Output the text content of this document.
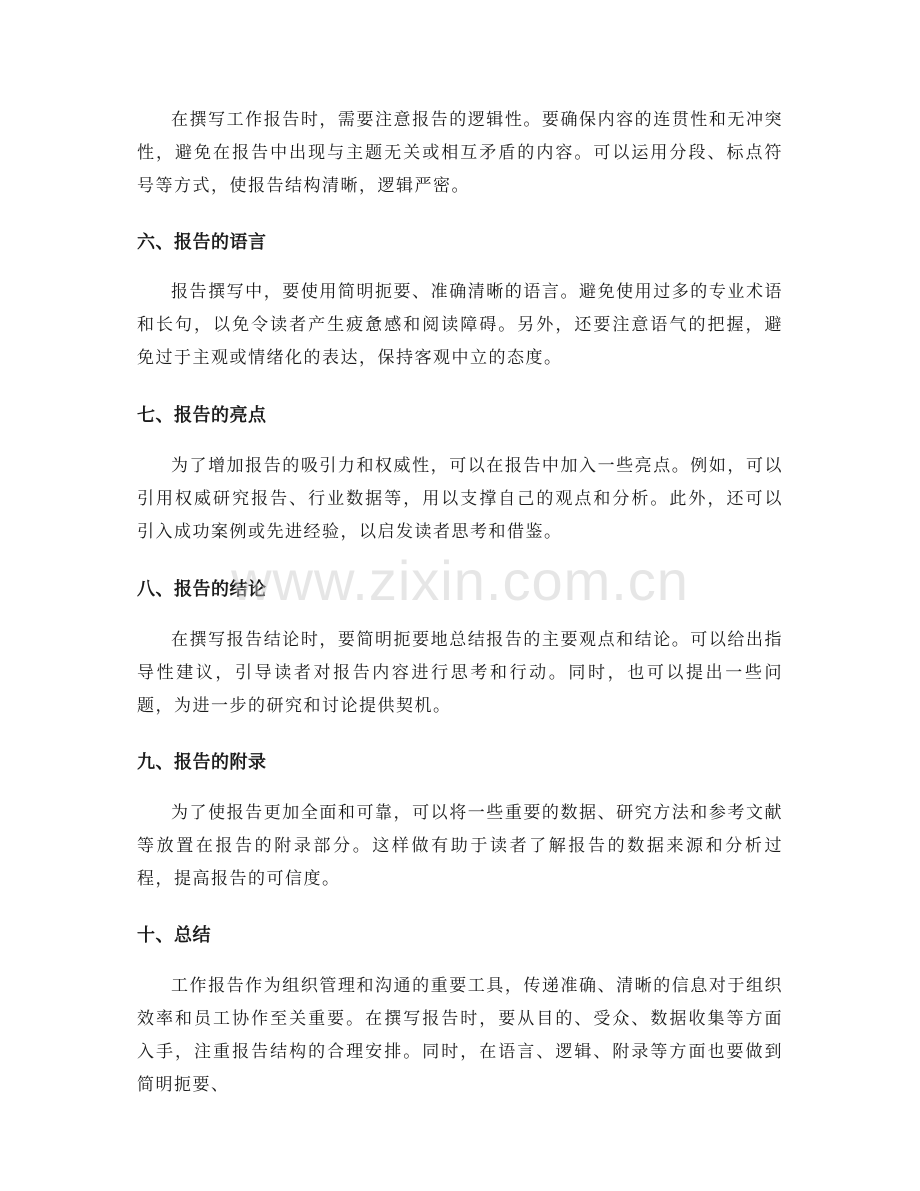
在撰写工作报告时，需要注意报告的逻辑性。要确保内容的连贯性和无冲突性，避免在报告中出现与主题无关或相互矛盾的内容。可以运用分段、标点符号等方式，使报告结构清晰，逻辑严密。

六、报告的语言

报告撰写中，要使用简明扼要、准确清晰的语言。避免使用过多的专业术语和长句，以免令读者产生疲惫感和阅读障碍。另外，还要注意语气的把握，避免过于主观或情绪化的表达，保持客观中立的态度。

七、报告的亮点

为了增加报告的吸引力和权威性，可以在报告中加入一些亮点。例如，可以引用权威研究报告、行业数据等，用以支撑自己的观点和分析。此外，还可以引入成功案例或先进经验，以启发读者思考和借鉴。

八、报告的结论

在撰写报告结论时，要简明扼要地总结报告的主要观点和结论。可以给出指导性建议，引导读者对报告内容进行思考和行动。同时，也可以提出一些问题，为进一步的研究和讨论提供契机。

九、报告的附录

为了使报告更加全面和可靠，可以将一些重要的数据、研究方法和参考文献等放置在报告的附录部分。这样做有助于读者了解报告的数据来源和分析过程，提高报告的可信度。

十、总结

工作报告作为组织管理和沟通的重要工具，传递准确、清晰的信息对于组织效率和员工协作至关重要。在撰写报告时，要从目的、受众、数据收集等方面入手，注重报告结构的合理安排。同时，在语言、逻辑、附录等方面也要做到简明扼要、

www.zixin.com.cn
